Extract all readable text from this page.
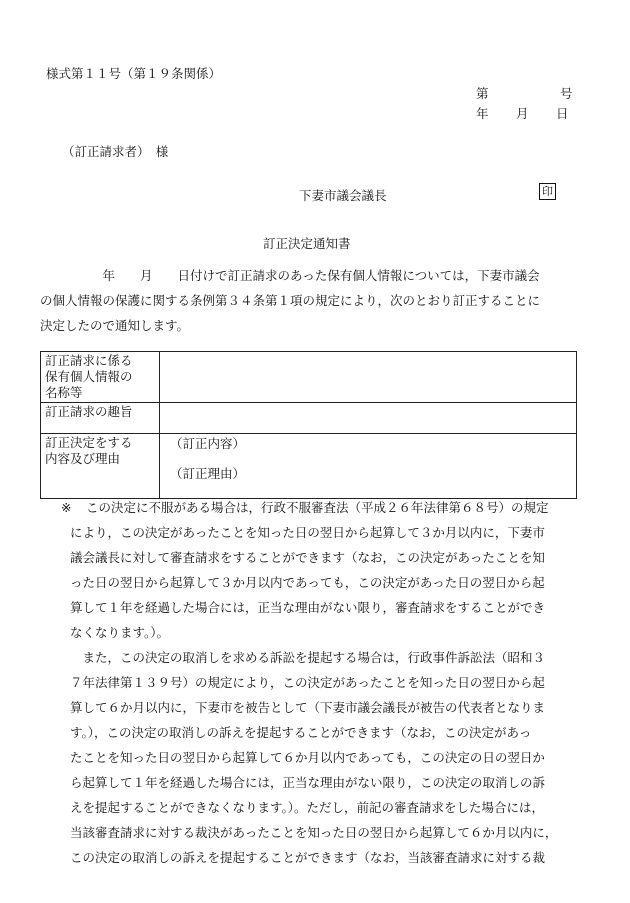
様式第１１号（第１９条関係）
第	号
年 月 日
（訂正請求者）　様
下妻市議会議長	印
訂正決定通知書
　　　　　年　　月　　日付けで訂正請求のあった保有個人情報については，下妻市議会
の個人情報の保護に関する条例第３４条第１項の規定により，次のとおり訂正することに
決定したので通知します。
訂正請求に係る
保有個人情報の
名称等	

訂正請求の趣旨	

訂正決定をする
内容及び理由	（訂正内容）
（訂正理由）
※ この決定に不服がある場合は，行政不服審査法（平成２６年法律第６８号）の規定
により，この決定があったことを知った日の翌日から起算して３か月以内に，下妻市
議会議長に対して審査請求をすることができます（なお，この決定があったことを知
った日の翌日から起算して３か月以内であっても，この決定があった日の翌日から起
算して１年を経過した場合には，正当な理由がない限り，審査請求をすることができ
なくなります。）。
　また，この決定の取消しを求める訴訟を提起する場合は，行政事件訴訟法（昭和３
７年法律第１３９号）の規定により，この決定があったことを知った日の翌日から起
算して６か月以内に，下妻市を被告として（下妻市議会議長が被告の代表者となりま
す。），この決定の取消しの訴えを提起することができます（なお，この決定があっ
たことを知った日の翌日から起算して６か月以内であっても，この決定の日の翌日か
ら起算して１年を経過した場合には，正当な理由がない限り，この決定の取消しの訴
えを提起することができなくなります。）。ただし，前記の審査請求をした場合には，
当該審査請求に対する裁決があったことを知った日の翌日から起算して６か月以内に，
この決定の取消しの訴えを提起することができます（なお，当該審査請求に対する裁
